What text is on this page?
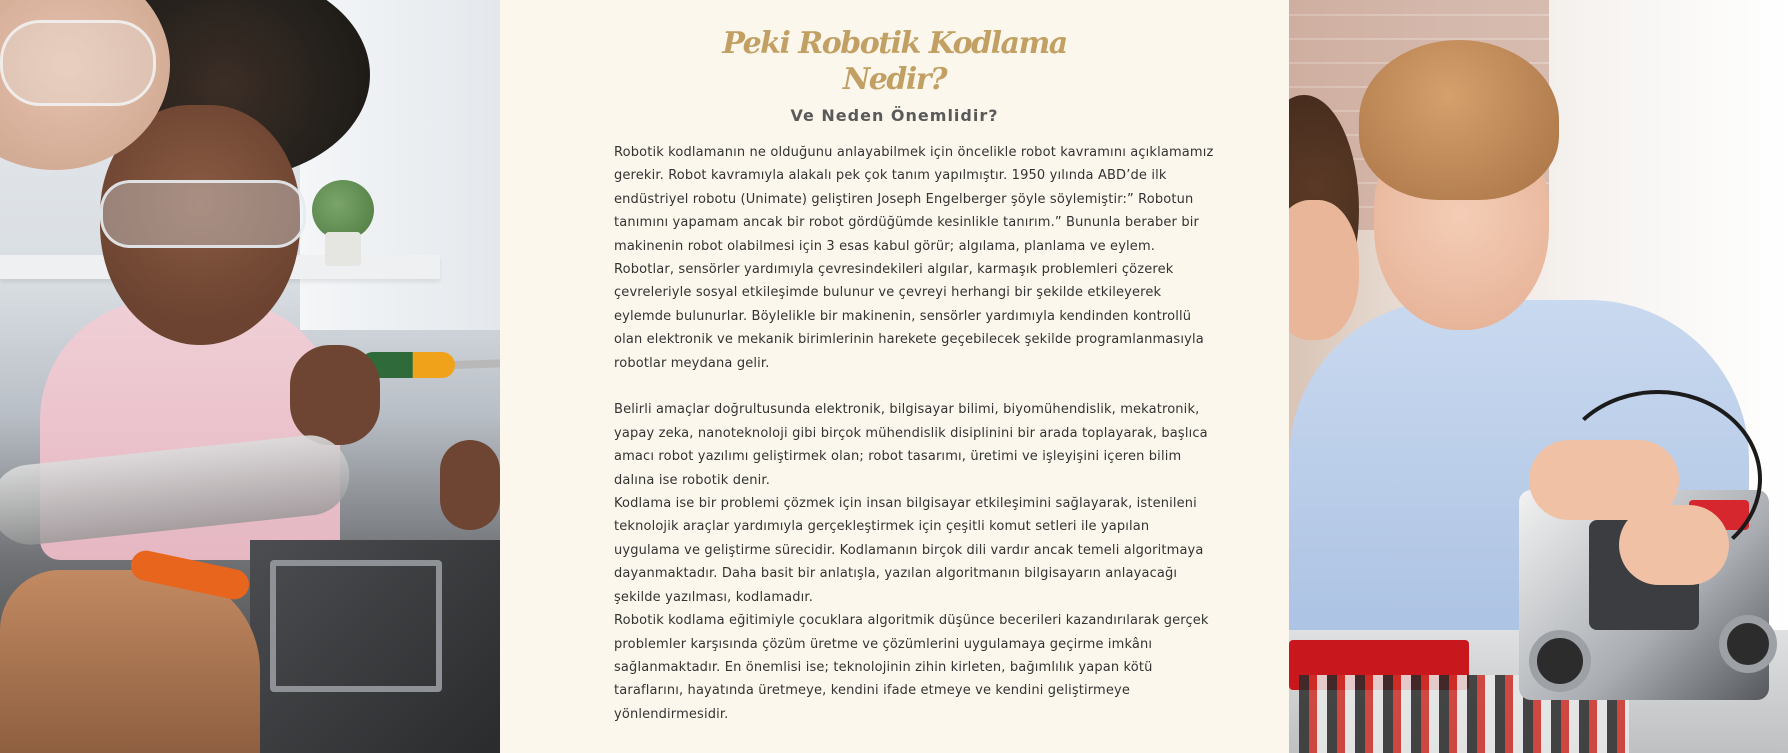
Peki Robotik Kodlama
Nedir?
Ve Neden Önemlidir?

Robotik kodlamanın ne olduğunu anlayabilmek için öncelikle robot kavramını açıklamamız gerekir. Robot kavramıyla alakalı pek çok tanım yapılmıştır. 1950 yılında ABD’de ilk endüstriyel robotu (Unimate) geliştiren Joseph Engelberger şöyle söylemiştir:” Robotun tanımını yapamam ancak bir robot gördüğümde kesinlikle tanırım.” Bununla beraber bir makinenin robot olabilmesi için 3 esas kabul görür; algılama, planlama ve eylem. Robotlar, sensörler yardımıyla çevresindekileri algılar, karmaşık problemleri çözerek çevreleriyle sosyal etkileşimde bulunur ve çevreyi herhangi bir şekilde etkileyerek eylemde bulunurlar. Böylelikle bir makinenin, sensörler yardımıyla kendinden kontrollü olan elektronik ve mekanik birimlerinin harekete geçebilecek şekilde programlanmasıyla robotlar meydana gelir.

Belirli amaçlar doğrultusunda elektronik, bilgisayar bilimi, biyomühendislik, mekatronik, yapay zeka, nanoteknoloji gibi birçok mühendislik disiplinini bir arada toplayarak, başlıca amacı robot yazılımı geliştirmek olan; robot tasarımı, üretimi ve işleyişini içeren bilim dalına ise robotik denir.

Kodlama ise bir problemi çözmek için insan bilgisayar etkileşimini sağlayarak, istenileni teknolojik araçlar yardımıyla gerçekleştirmek için çeşitli komut setleri ile yapılan uygulama ve geliştirme sürecidir. Kodlamanın birçok dili vardır ancak temeli algoritmaya dayanmaktadır. Daha basit bir anlatışla, yazılan algoritmanın bilgisayarın anlayacağı şekilde yazılması, kodlamadır.

Robotik kodlama eğitimiyle çocuklara algoritmik düşünce becerileri kazandırılarak gerçek problemler karşısında çözüm üretme ve çözümlerini uygulamaya geçirme imkânı sağlanmaktadır. En önemlisi ise; teknolojinin zihin kirleten, bağımlılık yapan kötü taraflarını, hayatında üretmeye, kendini ifade etmeye ve kendini geliştirmeye yönlendirmesidir.
